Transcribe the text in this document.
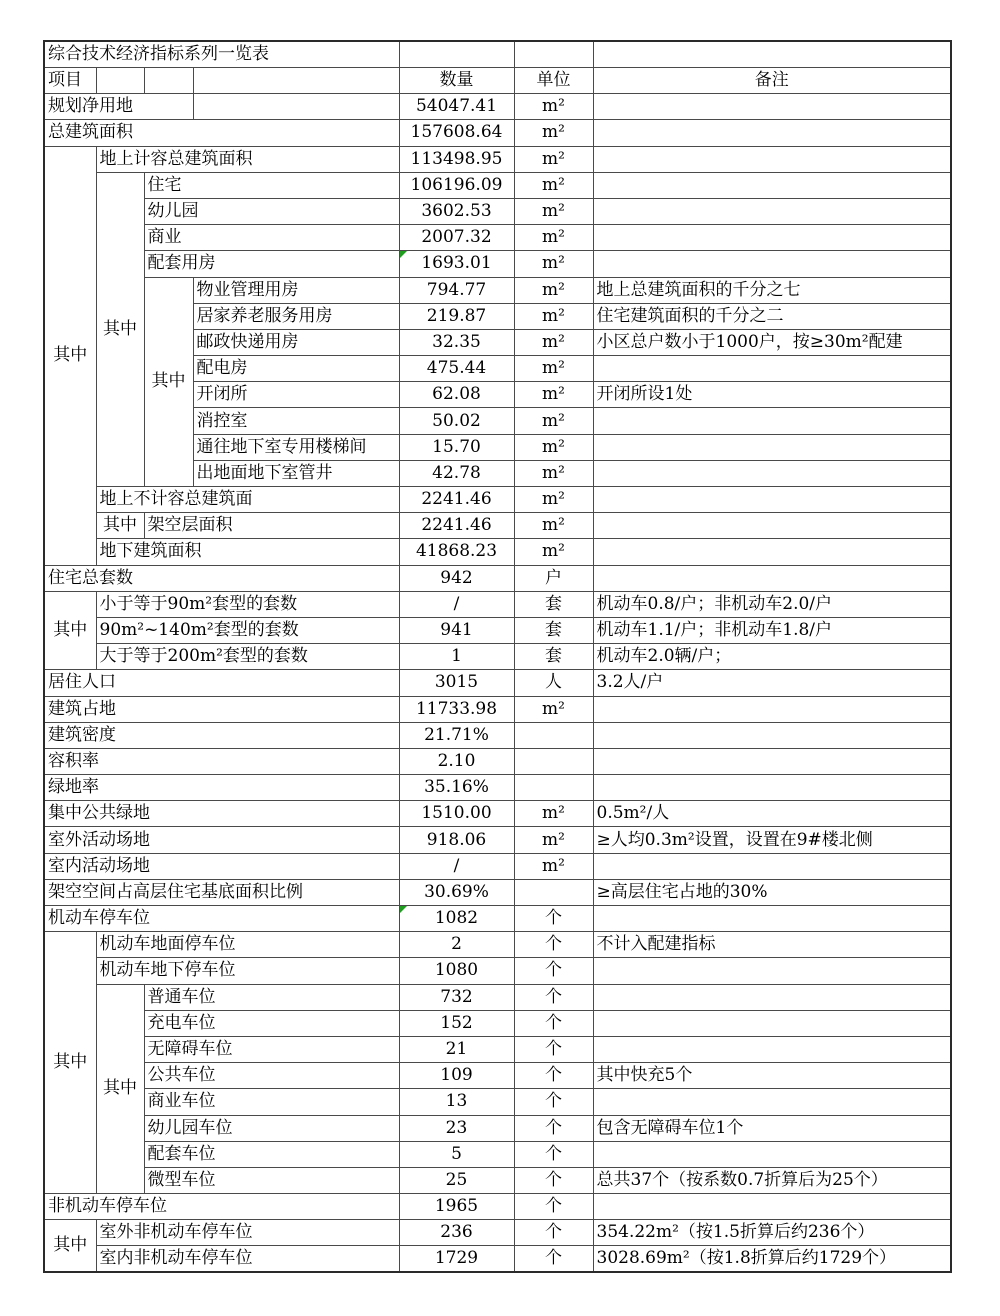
综合技术经济指标系列一览表						
项目				数量	单位	备注
规划净用地				54047.41	m²	
总建筑面积				157608.64	m²	
其中	地上计容总建筑面积			113498.95	m²	
	其中	住宅		106196.09	m²	
		幼儿园		3602.53	m²	
		商业		2007.32	m²	
		配套用房		1693.01	m²	
		其中	物业管理用房	794.77	m²	地上总建筑面积的千分之七
			居家养老服务用房	219.87	m²	住宅建筑面积的千分之二
			邮政快递用房	32.35	m²	小区总户数小于1000户，按≥30m²配建
			配电房	475.44	m²	
			开闭所	62.08	m²	开闭所设1处
			消控室	50.02	m²	
			通往地下室专用楼梯间	15.70	m²	
			出地面地下室管井	42.78	m²	
	地上不计容总建筑面			2241.46	m²	
	其中	架空层面积		2241.46	m²	
	地下建筑面积			41868.23	m²	
住宅总套数				942	户	
其中	小于等于90m²套型的套数			/	套	机动车0.8/户；非机动车2.0/户
	90m²~140m²套型的套数			941	套	机动车1.1/户；非机动车1.8/户
	大于等于200m²套型的套数			1	套	机动车2.0辆/户；
居住人口				3015	人	3.2人/户
建筑占地				11733.98	m²	
建筑密度				21.71%		
容积率				2.10		
绿地率				35.16%		
集中公共绿地				1510.00	m²	0.5m²/人
室外活动场地				918.06	m²	≥人均0.3m²设置，设置在9#楼北侧
室内活动场地				/	m²	
架空空间占高层住宅基底面积比例				30.69%		≥高层住宅占地的30%
机动车停车位				1082	个	
其中	机动车地面停车位			2	个	不计入配建指标
	机动车地下停车位			1080	个	
	其中	普通车位		732	个	
		充电车位		152	个	
		无障碍车位		21	个	
		公共车位		109	个	其中快充5个
		商业车位		13	个	
		幼儿园车位		23	个	包含无障碍车位1个
		配套车位		5	个	
		微型车位		25	个	总共37个（按系数0.7折算后为25个）
非机动车停车位				1965	个	
其中	室外非机动车停车位			236	个	354.22m²（按1.5折算后约236个）
	室内非机动车停车位			1729	个	3028.69m²（按1.8折算后约1729个）
